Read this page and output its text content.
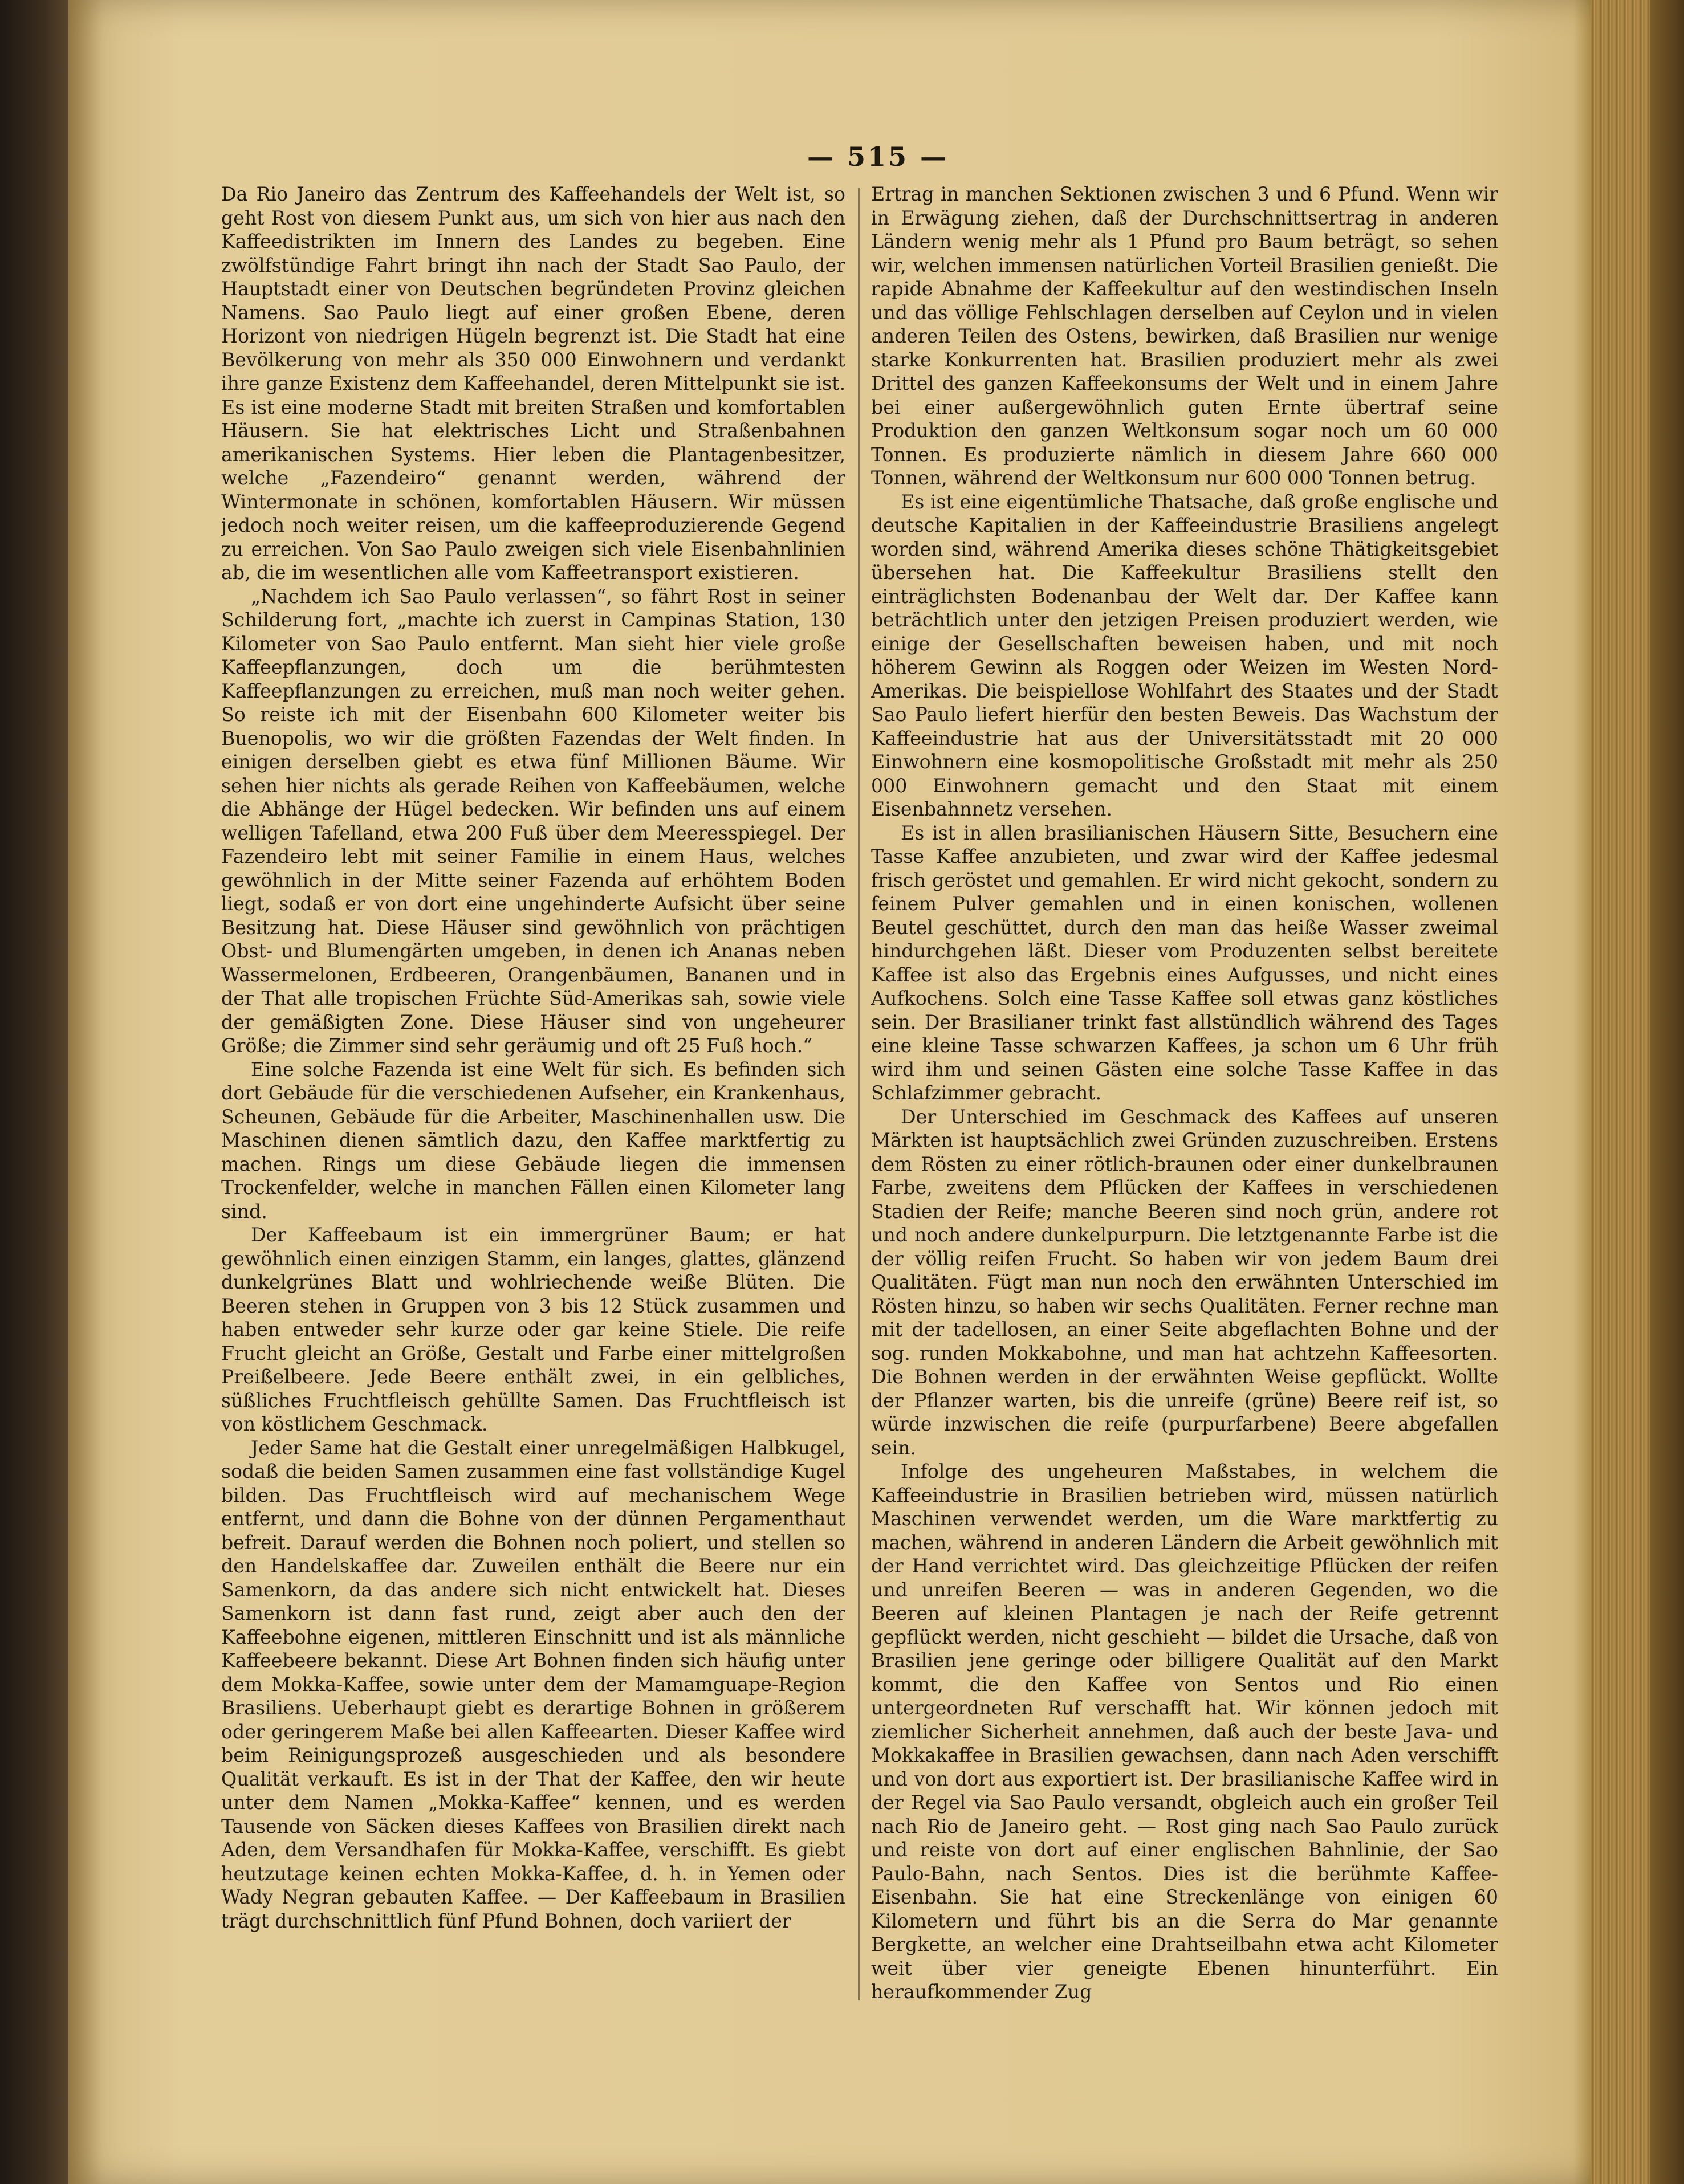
— 515 —

Da Rio Janeiro das Zentrum des Kaffeehandels der Welt ist, so geht Rost von diesem Punkt aus, um sich von hier aus nach den Kaffeedistrikten im Innern des Landes zu begeben. Eine zwölfstündige Fahrt bringt ihn nach der Stadt Sao Paulo, der Hauptstadt einer von Deutschen begründeten Provinz gleichen Namens. Sao Paulo liegt auf einer großen Ebene, deren Horizont von niedrigen Hügeln begrenzt ist. Die Stadt hat eine Bevölkerung von mehr als 350 000 Einwohnern und verdankt ihre ganze Existenz dem Kaffeehandel, deren Mittelpunkt sie ist. Es ist eine moderne Stadt mit breiten Straßen und komfortablen Häusern. Sie hat elektrisches Licht und Straßenbahnen amerikanischen Systems. Hier leben die Plantagenbesitzer, welche „Fazendeiro“ genannt werden, während der Wintermonate in schönen, komfortablen Häusern. Wir müssen jedoch noch weiter reisen, um die kaffeeproduzierende Gegend zu erreichen. Von Sao Paulo zweigen sich viele Eisenbahnlinien ab, die im wesentlichen alle vom Kaffeetransport existieren.

„Nachdem ich Sao Paulo verlassen“, so fährt Rost in seiner Schilderung fort, „machte ich zuerst in Campinas Station, 130 Kilometer von Sao Paulo entfernt. Man sieht hier viele große Kaffeepflanzungen, doch um die berühmtesten Kaffeepflanzungen zu erreichen, muß man noch weiter gehen. So reiste ich mit der Eisenbahn 600 Kilometer weiter bis Buenopolis, wo wir die größten Fazendas der Welt finden. In einigen derselben giebt es etwa fünf Millionen Bäume. Wir sehen hier nichts als gerade Reihen von Kaffeebäumen, welche die Abhänge der Hügel bedecken. Wir befinden uns auf einem welligen Tafelland, etwa 200 Fuß über dem Meeresspiegel. Der Fazendeiro lebt mit seiner Familie in einem Haus, welches gewöhnlich in der Mitte seiner Fazenda auf erhöhtem Boden liegt, sodaß er von dort eine ungehinderte Aufsicht über seine Besitzung hat. Diese Häuser sind gewöhnlich von prächtigen Obst- und Blumengärten umgeben, in denen ich Ananas neben Wassermelonen, Erdbeeren, Orangenbäumen, Bananen und in der That alle tropischen Früchte Süd-Amerikas sah, sowie viele der gemäßigten Zone. Diese Häuser sind von ungeheurer Größe; die Zimmer sind sehr geräumig und oft 25 Fuß hoch.“

Eine solche Fazenda ist eine Welt für sich. Es befinden sich dort Gebäude für die verschiedenen Aufseher, ein Krankenhaus, Scheunen, Gebäude für die Arbeiter, Maschinenhallen usw. Die Maschinen dienen sämtlich dazu, den Kaffee marktfertig zu machen. Rings um diese Gebäude liegen die immensen Trockenfelder, welche in manchen Fällen einen Kilometer lang sind.

Der Kaffeebaum ist ein immergrüner Baum; er hat gewöhnlich einen einzigen Stamm, ein langes, glattes, glänzend dunkelgrünes Blatt und wohlriechende weiße Blüten. Die Beeren stehen in Gruppen von 3 bis 12 Stück zusammen und haben entweder sehr kurze oder gar keine Stiele. Die reife Frucht gleicht an Größe, Gestalt und Farbe einer mittelgroßen Preißelbeere. Jede Beere enthält zwei, in ein gelbliches, süßliches Fruchtfleisch gehüllte Samen. Das Fruchtfleisch ist von köstlichem Geschmack.

Jeder Same hat die Gestalt einer unregelmäßigen Halbkugel, sodaß die beiden Samen zusammen eine fast vollständige Kugel bilden. Das Fruchtfleisch wird auf mechanischem Wege entfernt, und dann die Bohne von der dünnen Pergamenthaut befreit. Darauf werden die Bohnen noch poliert, und stellen so den Handelskaffee dar. Zuweilen enthält die Beere nur ein Samenkorn, da das andere sich nicht entwickelt hat. Dieses Samenkorn ist dann fast rund, zeigt aber auch den der Kaffeebohne eigenen, mittleren Einschnitt und ist als männliche Kaffeebeere bekannt. Diese Art Bohnen finden sich häufig unter dem Mokka-Kaffee, sowie unter dem der Mamamguape-Region Brasiliens. Ueberhaupt giebt es derartige Bohnen in größerem oder geringerem Maße bei allen Kaffeearten. Dieser Kaffee wird beim Reinigungsprozeß ausgeschieden und als besondere Qualität verkauft. Es ist in der That der Kaffee, den wir heute unter dem Namen „Mokka-Kaffee“ kennen, und es werden Tausende von Säcken dieses Kaffees von Brasilien direkt nach Aden, dem Versandhafen für Mokka-Kaffee, verschifft. Es giebt heutzutage keinen echten Mokka-Kaffee, d. h. in Yemen oder Wady Negran gebauten Kaffee. — Der Kaffeebaum in Brasilien trägt durchschnittlich fünf Pfund Bohnen, doch variiert der

Ertrag in manchen Sektionen zwischen 3 und 6 Pfund. Wenn wir in Erwägung ziehen, daß der Durchschnittsertrag in anderen Ländern wenig mehr als 1 Pfund pro Baum beträgt, so sehen wir, welchen immensen natürlichen Vorteil Brasilien genießt. Die rapide Abnahme der Kaffeekultur auf den westindischen Inseln und das völlige Fehlschlagen derselben auf Ceylon und in vielen anderen Teilen des Ostens, bewirken, daß Brasilien nur wenige starke Konkurrenten hat. Brasilien produziert mehr als zwei Drittel des ganzen Kaffeekonsums der Welt und in einem Jahre bei einer außergewöhnlich guten Ernte übertraf seine Produktion den ganzen Weltkonsum sogar noch um 60 000 Tonnen. Es produzierte nämlich in diesem Jahre 660 000 Tonnen, während der Weltkonsum nur 600 000 Tonnen betrug.

Es ist eine eigentümliche Thatsache, daß große englische und deutsche Kapitalien in der Kaffeeindustrie Brasiliens angelegt worden sind, während Amerika dieses schöne Thätigkeitsgebiet übersehen hat. Die Kaffeekultur Brasiliens stellt den einträglichsten Bodenanbau der Welt dar. Der Kaffee kann beträchtlich unter den jetzigen Preisen produziert werden, wie einige der Gesellschaften beweisen haben, und mit noch höherem Gewinn als Roggen oder Weizen im Westen Nord-Amerikas. Die beispiellose Wohlfahrt des Staates und der Stadt Sao Paulo liefert hierfür den besten Beweis. Das Wachstum der Kaffeeindustrie hat aus der Universitätsstadt mit 20 000 Einwohnern eine kosmopolitische Großstadt mit mehr als 250 000 Einwohnern gemacht und den Staat mit einem Eisenbahnnetz versehen.

Es ist in allen brasilianischen Häusern Sitte, Besuchern eine Tasse Kaffee anzubieten, und zwar wird der Kaffee jedesmal frisch geröstet und gemahlen. Er wird nicht gekocht, sondern zu feinem Pulver gemahlen und in einen konischen, wollenen Beutel geschüttet, durch den man das heiße Wasser zweimal hindurchgehen läßt. Dieser vom Produzenten selbst bereitete Kaffee ist also das Ergebnis eines Aufgusses, und nicht eines Aufkochens. Solch eine Tasse Kaffee soll etwas ganz köstliches sein. Der Brasilianer trinkt fast allstündlich während des Tages eine kleine Tasse schwarzen Kaffees, ja schon um 6 Uhr früh wird ihm und seinen Gästen eine solche Tasse Kaffee in das Schlafzimmer gebracht.

Der Unterschied im Geschmack des Kaffees auf unseren Märkten ist hauptsächlich zwei Gründen zuzuschreiben. Erstens dem Rösten zu einer rötlich-braunen oder einer dunkelbraunen Farbe, zweitens dem Pflücken der Kaffees in verschiedenen Stadien der Reife; manche Beeren sind noch grün, andere rot und noch andere dunkelpurpurn. Die letztgenannte Farbe ist die der völlig reifen Frucht. So haben wir von jedem Baum drei Qualitäten. Fügt man nun noch den erwähnten Unterschied im Rösten hinzu, so haben wir sechs Qualitäten. Ferner rechne man mit der tadellosen, an einer Seite abgeflachten Bohne und der sog. runden Mokkabohne, und man hat achtzehn Kaffeesorten. Die Bohnen werden in der erwähnten Weise gepflückt. Wollte der Pflanzer warten, bis die unreife (grüne) Beere reif ist, so würde inzwischen die reife (purpurfarbene) Beere abgefallen sein.

Infolge des ungeheuren Maßstabes, in welchem die Kaffeeindustrie in Brasilien betrieben wird, müssen natürlich Maschinen verwendet werden, um die Ware marktfertig zu machen, während in anderen Ländern die Arbeit gewöhnlich mit der Hand verrichtet wird. Das gleichzeitige Pflücken der reifen und unreifen Beeren — was in anderen Gegenden, wo die Beeren auf kleinen Plantagen je nach der Reife getrennt gepflückt werden, nicht geschieht — bildet die Ursache, daß von Brasilien jene geringe oder billigere Qualität auf den Markt kommt, die den Kaffee von Sentos und Rio einen untergeordneten Ruf verschafft hat. Wir können jedoch mit ziemlicher Sicherheit annehmen, daß auch der beste Java- und Mokkakaffee in Brasilien gewachsen, dann nach Aden verschifft und von dort aus exportiert ist. Der brasilianische Kaffee wird in der Regel via Sao Paulo versandt, obgleich auch ein großer Teil nach Rio de Janeiro geht. — Rost ging nach Sao Paulo zurück und reiste von dort auf einer englischen Bahnlinie, der Sao Paulo-Bahn, nach Sentos. Dies ist die berühmte Kaffee-Eisenbahn. Sie hat eine Streckenlänge von einigen 60 Kilometern und führt bis an die Serra do Mar genannte Bergkette, an welcher eine Drahtseilbahn etwa acht Kilometer weit über vier geneigte Ebenen hinunterführt. Ein heraufkommender Zug
